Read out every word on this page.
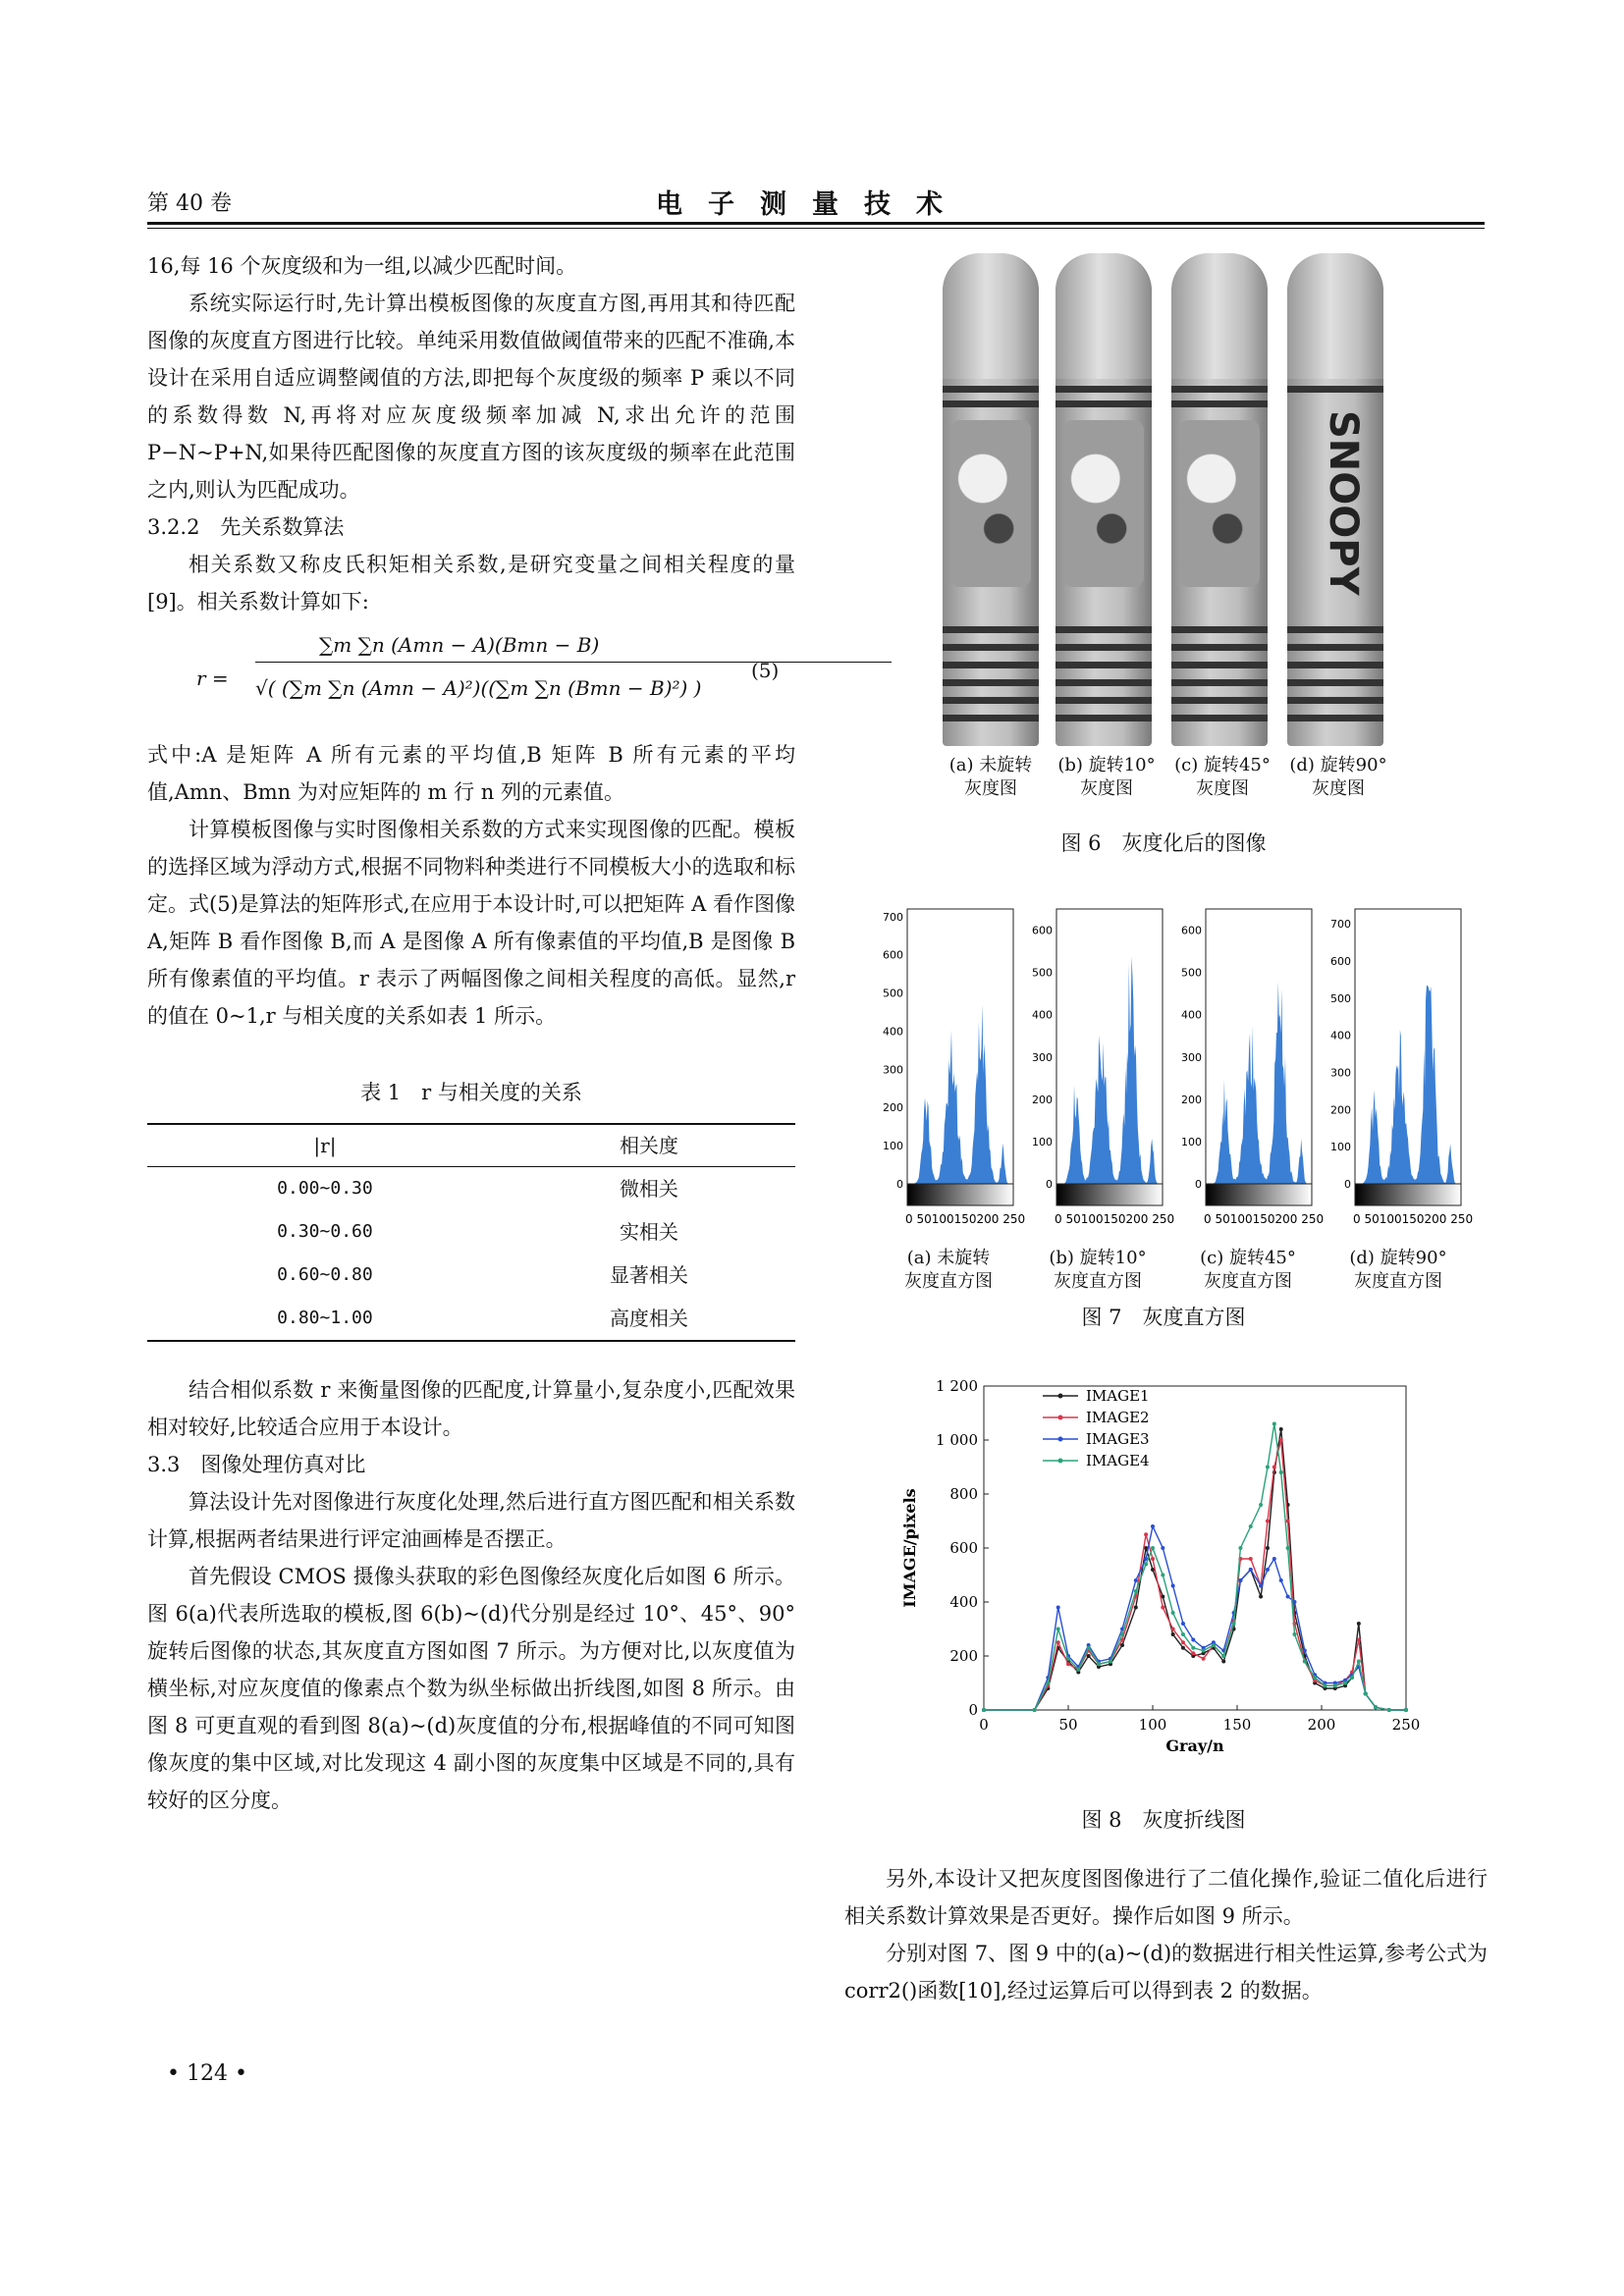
第 40 卷	电子测量技术

16,每 16 个灰度级和为一组,以减少匹配时间。

系统实际运行时,先计算出模板图像的灰度直方图,再用其和待匹配图像的灰度直方图进行比较。单纯采用数值做阈值带来的匹配不准确,本设计在采用自适应调整阈值的方法,即把每个灰度级的频率 P 乘以不同的系数得数 N,再将对应灰度级频率加减 N,求出允许的范围 P−N~P+N,如果待匹配图像的灰度直方图的该灰度级的频率在此范围之内,则认为匹配成功。

3.2.2　先关系数算法

相关系数又称皮氏积矩相关系数,是研究变量之间相关程度的量[9]。相关系数计算如下:

r =
∑m ∑n (Amn − A)(Bmn − B)
√( (∑m ∑n (Amn − A)²)((∑m ∑n (Bmn − B)²) )
(5)

式中:A 是矩阵 A 所有元素的平均值,B 矩阵 B 所有元素的平均值,Amn、Bmn 为对应矩阵的 m 行 n 列的元素值。

计算模板图像与实时图像相关系数的方式来实现图像的匹配。模板的选择区域为浮动方式,根据不同物料种类进行不同模板大小的选取和标定。式(5)是算法的矩阵形式,在应用于本设计时,可以把矩阵 A 看作图像 A,矩阵 B 看作图像 B,而 A 是图像 A 所有像素值的平均值,B 是图像 B 所有像素值的平均值。r 表示了两幅图像之间相关程度的高低。显然,r 的值在 0~1,r 与相关度的关系如表 1 所示。

表 1　r 与相关度的关系
|r|	相关度
0.00~0.30	微相关
0.30~0.60	实相关
0.60~0.80	显著相关
0.80~1.00	高度相关

结合相似系数 r 来衡量图像的匹配度,计算量小,复杂度小,匹配效果相对较好,比较适合应用于本设计。

3.3　图像处理仿真对比

算法设计先对图像进行灰度化处理,然后进行直方图匹配和相关系数计算,根据两者结果进行评定油画棒是否摆正。

首先假设 CMOS 摄像头获取的彩色图像经灰度化后如图 6 所示。图 6(a)代表所选取的模板,图 6(b)~(d)代分别是经过 10°、45°、90°旋转后图像的状态,其灰度直方图如图 7 所示。为方便对比,以灰度值为横坐标,对应灰度值的像素点个数为纵坐标做出折线图,如图 8 所示。由图 8 可更直观的看到图 8(a)~(d)灰度值的分布,根据峰值的不同可知图像灰度的集中区域,对比发现这 4 副小图的灰度集中区域是不同的,具有较好的区分度。

• 124 •
SNOOPY
(a) 未旋转
灰度图
(b) 旋转10°
灰度图
(c) 旋转45°
灰度图
(d) 旋转90°
灰度图
图 6　灰度化后的图像
0
100
200
300
400
500
600
700
0 50100150200 250
0
100
200
300
400
500
600
0 50100150200 250
0
100
200
300
400
500
600
0 50100150200 250
0
100
200
300
400
500
600
700
0 50100150200 250
(a) 未旋转
灰度直方图
(b) 旋转10°
灰度直方图
(c) 旋转45°
灰度直方图
(d) 旋转90°
灰度直方图
图 7　灰度直方图
0
200
400
600
800
1 000
1 200
0	50	100	150	200	250
Gray/n
IMAGE/pixels
IMAGE1
IMAGE2
IMAGE3
IMAGE4
图 8　灰度折线图

另外,本设计又把灰度图图像进行了二值化操作,验证二值化后进行相关系数计算效果是否更好。操作后如图 9 所示。

分别对图 7、图 9 中的(a)~(d)的数据进行相关性运算,参考公式为 corr2()函数[10],经过运算后可以得到表 2 的数据。
